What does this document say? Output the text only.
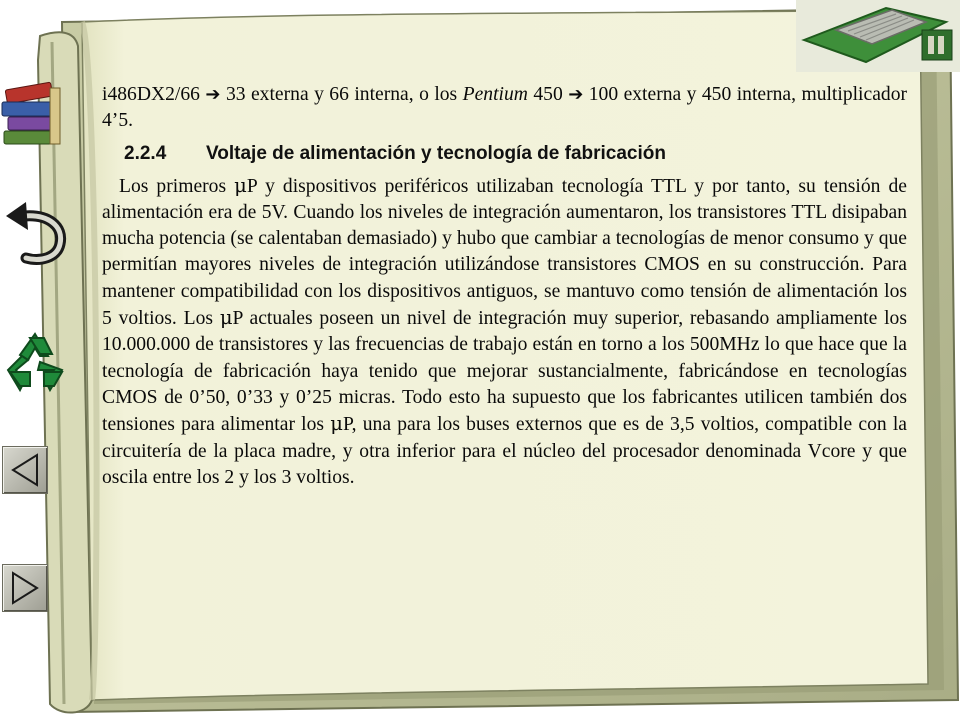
i486DX2/66 ➔ 33 externa y 66 interna, o los Pentium 450 ➔ 100 externa y 450 interna, multiplicador 4’5.

2.2.4 Voltaje de alimentación y tecnología de fabricación

Los primeros μP y dispositivos periféricos utilizaban tecnología TTL y por tanto, su tensión de alimentación era de 5V. Cuando los niveles de integración aumentaron, los transistores TTL disipaban mucha potencia (se calentaban demasiado) y hubo que cambiar a tecnologías de menor consumo y que permitían mayores niveles de integración utilizándose transistores CMOS en su construcción. Para mantener compatibilidad con los dispositivos antiguos, se mantuvo como tensión de alimentación los 5 voltios. Los μP actuales poseen un nivel de integración muy superior, rebasando ampliamente los 10.000.000 de transistores y las frecuencias de trabajo están en torno a los 500MHz lo que hace que la tecnología de fabricación haya tenido que mejorar sustancialmente, fabricándose en tecnologías CMOS de 0’50, 0’33 y 0’25 micras. Todo esto ha supuesto que los fabricantes utilicen también dos tensiones para alimentar los μP, una para los buses externos que es de 3,5 voltios, compatible con la circuitería de la placa madre, y otra inferior para el núcleo del procesador denominada Vcore y que oscila entre los 2 y los 3 voltios.
